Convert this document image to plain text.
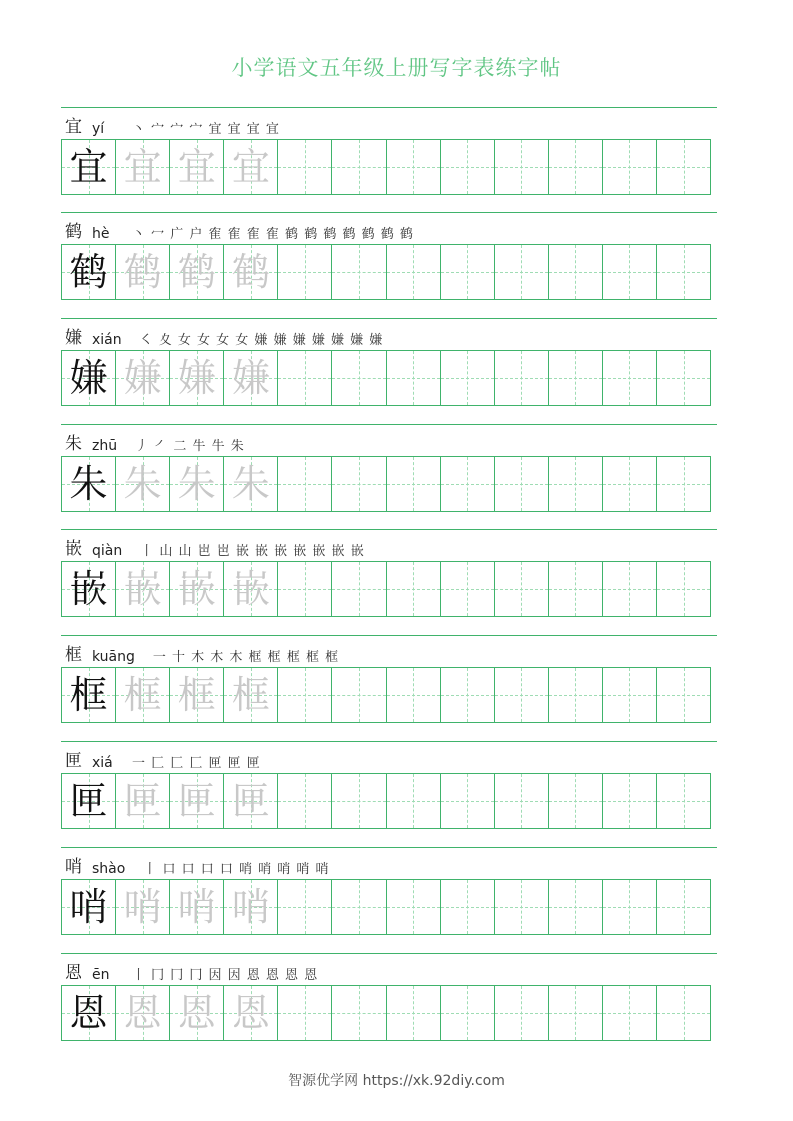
小学语文五年级上册写字表练字帖
宜 yí	丶 宀 宀 宀 宜 宜 宜 宜
宜 宜 宜 宜
鹤 hè	丶 冖 广 户 隺 隺 隺 隺 鹤 鹤 鹤 鹤 鹤 鹤 鹤
鹤 鹤 鹤 鹤
嫌 xián ㇛ 夊 女 女 女 女 嫌 嫌 嫌 嫌 嫌 嫌 嫌
嫌 嫌 嫌 嫌
朱 zhū 丿 ㇒ 二 牛 牛 朱
朱 朱 朱 朱
嵌 qiàn 丨 山 山 岜 岜 嵌 嵌 嵌 嵌 嵌 嵌 嵌
嵌 嵌 嵌 嵌
框 kuāng 一 十 木 木 木 框 框 框 框 框
框 框 框 框
匣 xiá 一 匚 匚 匚 匣 匣 匣
匣 匣 匣 匣
哨 shào 丨 口 口 口 口 哨 哨 哨 哨 哨
哨 哨 哨 哨
恩 ēn	丨 冂 冂 冂 因 因 恩 恩 恩 恩
恩 恩 恩 恩
智源优学网 https://xk.92diy.com
